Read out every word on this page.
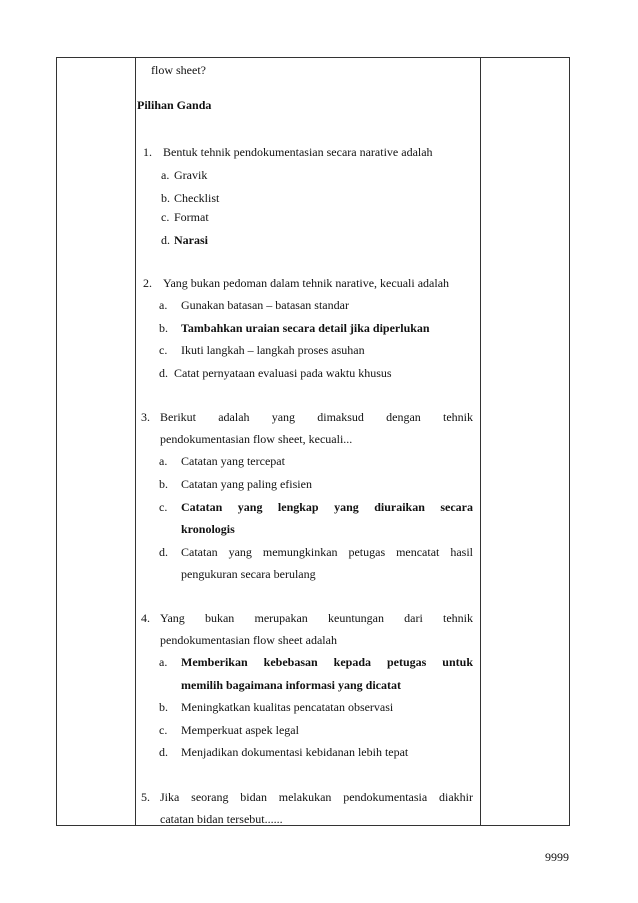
flow sheet?
Pilihan Ganda
1. Bentuk tehnik pendokumentasian secara narative adalah
a. Gravik
b. Checklist
c. Format
d. Narasi
2. Yang bukan pedoman dalam tehnik narative, kecuali adalah
a. Gunakan batasan – batasan standar
b. Tambahkan uraian secara detail jika diperlukan
c. Ikuti langkah – langkah proses asuhan
d. Catat pernyataan evaluasi pada waktu khusus
3. Berikut adalah yang dimaksud dengan tehnik
pendokumentasian flow sheet, kecuali...
a. Catatan yang tercepat
b. Catatan yang paling efisien
c. Catatan yang lengkap yang diuraikan secara
kronologis
d. Catatan yang memungkinkan petugas mencatat hasil
pengukuran secara berulang
4. Yang bukan merupakan keuntungan dari tehnik
pendokumentasian flow sheet adalah
a. Memberikan kebebasan kepada petugas untuk
memilih bagaimana informasi yang dicatat
b. Meningkatkan kualitas pencatatan observasi
c. Memperkuat aspek legal
d. Menjadikan dokumentasi kebidanan lebih tepat
5. Jika seorang bidan melakukan pendokumentasia diakhir
catatan bidan tersebut......
9999
